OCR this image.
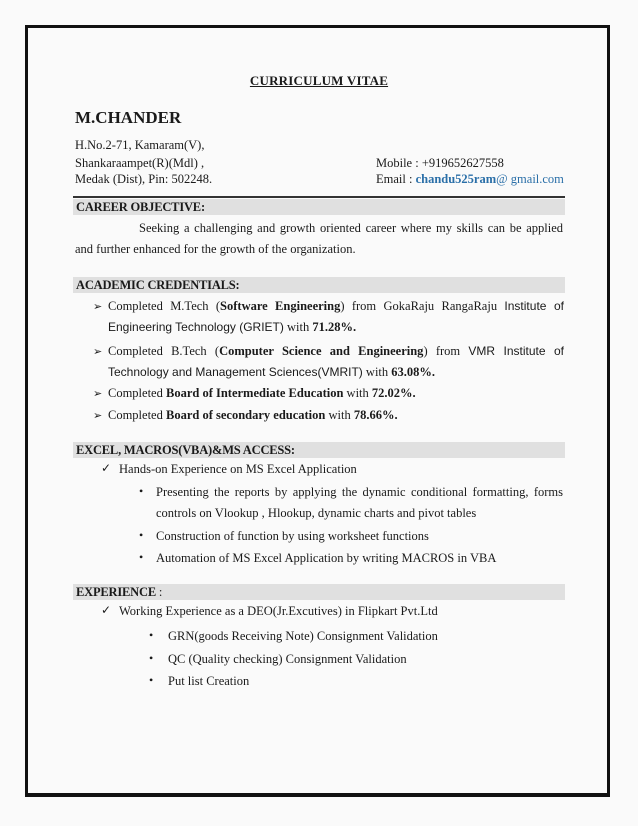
CURRICULUM VITAE
M.CHANDER
H.No.2-71, Kamaram(V),
Shankaraampet(R)(Mdl) ,
Medak (Dist), Pin: 502248.
Mobile : +919652627558
Email : chandu525ram@ gmail.com
CAREER OBJECTIVE:
Seeking a challenging and growth oriented career where my skills can be applied
and further enhanced for the growth of the organization.
ACADEMIC CREDENTIALS:
➢ Completed M.Tech (Software Engineering) from GokaRaju RangaRaju Institute of
Engineering Technology (GRIET) with 71.28%.
➢ Completed B.Tech (Computer Science and Engineering) from VMR Institute of
Technology and Management Sciences(VMRIT) with 63.08%.
➢ Completed Board of Intermediate Education with 72.02%.
➢ Completed Board of secondary education with 78.66%.
EXCEL, MACROS(VBA)&MS ACCESS:
✓ Hands-on Experience on MS Excel Application
• Presenting the reports by applying the dynamic conditional formatting, forms
controls on Vlookup , Hlookup, dynamic charts and pivot tables
• Construction of function by using worksheet functions
• Automation of MS Excel Application by writing MACROS in VBA
EXPERIENCE :
✓ Working Experience as a DEO(Jr.Excutives) in Flipkart Pvt.Ltd
• GRN(goods Receiving Note) Consignment Validation
• QC (Quality checking) Consignment Validation
• Put list Creation
